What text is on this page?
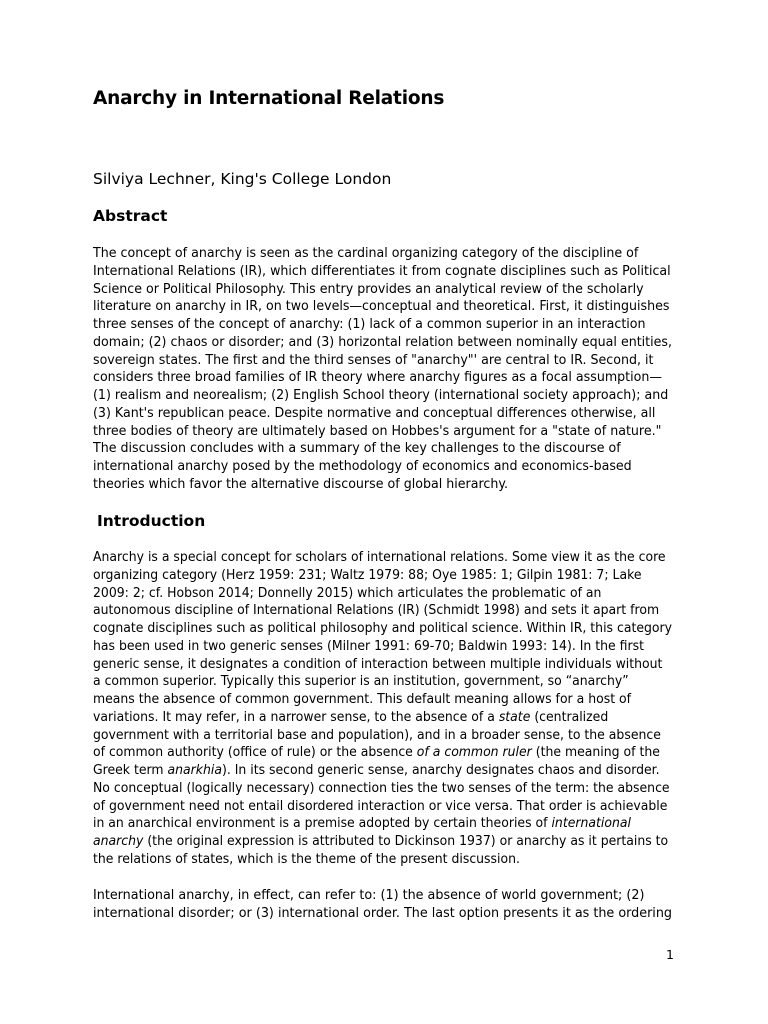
Anarchy in International Relations

Silviya Lechner, King's College London

Abstract
The concept of anarchy is seen as the cardinal organizing category of the discipline of
International Relations (IR), which differentiates it from cognate disciplines such as Political
Science or Political Philosophy. This entry provides an analytical review of the scholarly
literature on anarchy in IR, on two levels—conceptual and theoretical. First, it distinguishes
three senses of the concept of anarchy: (1) lack of a common superior in an interaction
domain; (2) chaos or disorder; and (3) horizontal relation between nominally equal entities,
sovereign states. The first and the third senses of "anarchy"' are central to IR. Second, it
considers three broad families of IR theory where anarchy figures as a focal assumption—
(1) realism and neorealism; (2) English School theory (international society approach); and
(3) Kant's republican peace. Despite normative and conceptual differences otherwise, all
three bodies of theory are ultimately based on Hobbes's argument for a "state of nature."
The discussion concludes with a summary of the key challenges to the discourse of
international anarchy posed by the methodology of economics and economics-based
theories which favor the alternative discourse of global hierarchy.
Introduction
Anarchy is a special concept for scholars of international relations. Some view it as the core
organizing category (Herz 1959: 231; Waltz 1979: 88; Oye 1985: 1; Gilpin 1981: 7; Lake
2009: 2; cf. Hobson 2014; Donnelly 2015) which articulates the problematic of an
autonomous discipline of International Relations (IR) (Schmidt 1998) and sets it apart from
cognate disciplines such as political philosophy and political science. Within IR, this category
has been used in two generic senses (Milner 1991: 69-70; Baldwin 1993: 14). In the first
generic sense, it designates a condition of interaction between multiple individuals without
a common superior. Typically this superior is an institution, government, so “anarchy”
means the absence of common government. This default meaning allows for a host of
variations. It may refer, in a narrower sense, to the absence of a state (centralized
government with a territorial base and population), and in a broader sense, to the absence
of common authority (office of rule) or the absence of a common ruler (the meaning of the
Greek term anarkhia). In its second generic sense, anarchy designates chaos and disorder.
No conceptual (logically necessary) connection ties the two senses of the term: the absence
of government need not entail disordered interaction or vice versa. That order is achievable
in an anarchical environment is a premise adopted by certain theories of international
anarchy (the original expression is attributed to Dickinson 1937) or anarchy as it pertains to
the relations of states, which is the theme of the present discussion.
International anarchy, in effect, can refer to: (1) the absence of world government; (2)
international disorder; or (3) international order. The last option presents it as the ordering
1
